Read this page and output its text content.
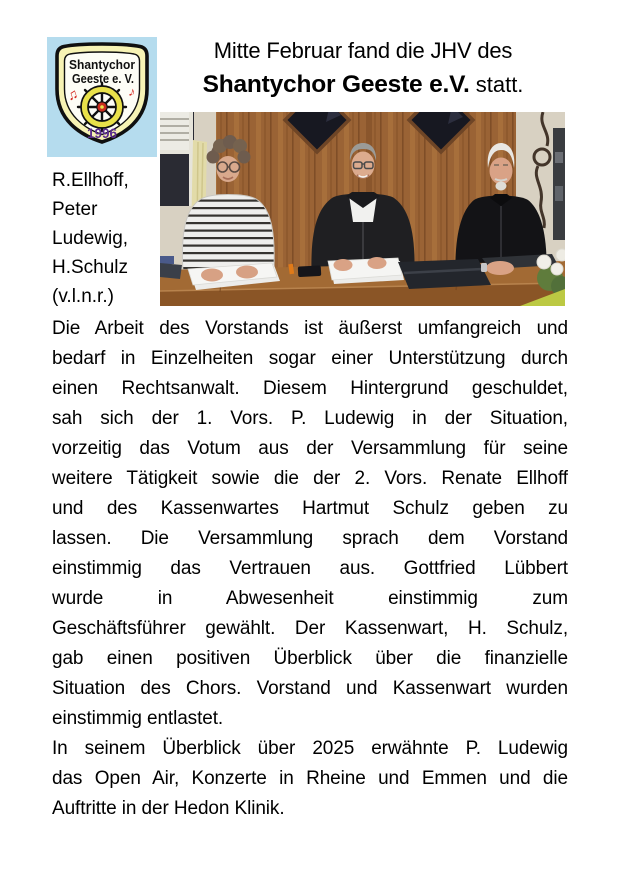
Shantychor
Geeste e. V.
♫	♪
1996
Mitte Februar fand die JHV des
Shantychor Geeste e.V. statt.
R.Ellhoff,
Peter
Ludewig,
H.Schulz
(v.l.n.r.)
Die Arbeit des Vorstands ist äußerst umfangreich und
bedarf in Einzelheiten sogar einer Unterstützung durch
einen Rechtsanwalt. Diesem Hintergrund geschuldet,
sah sich der 1. Vors. P. Ludewig in der Situation,
vorzeitig das Votum aus der Versammlung für seine
weitere Tätigkeit sowie die der 2. Vors. Renate Ellhoff
und des Kassenwartes Hartmut Schulz geben zu
lassen. Die Versammlung sprach dem Vorstand
einstimmig das Vertrauen aus. Gottfried Lübbert
wurde in Abwesenheit einstimmig zum
Geschäftsführer gewählt. Der Kassenwart, H. Schulz,
gab einen positiven Überblick über die finanzielle
Situation des Chors. Vorstand und Kassenwart wurden
einstimmig entlastet.
In seinem Überblick über 2025 erwähnte P. Ludewig
das Open Air, Konzerte in Rheine und Emmen und die
Auftritte in der Hedon Klinik.
